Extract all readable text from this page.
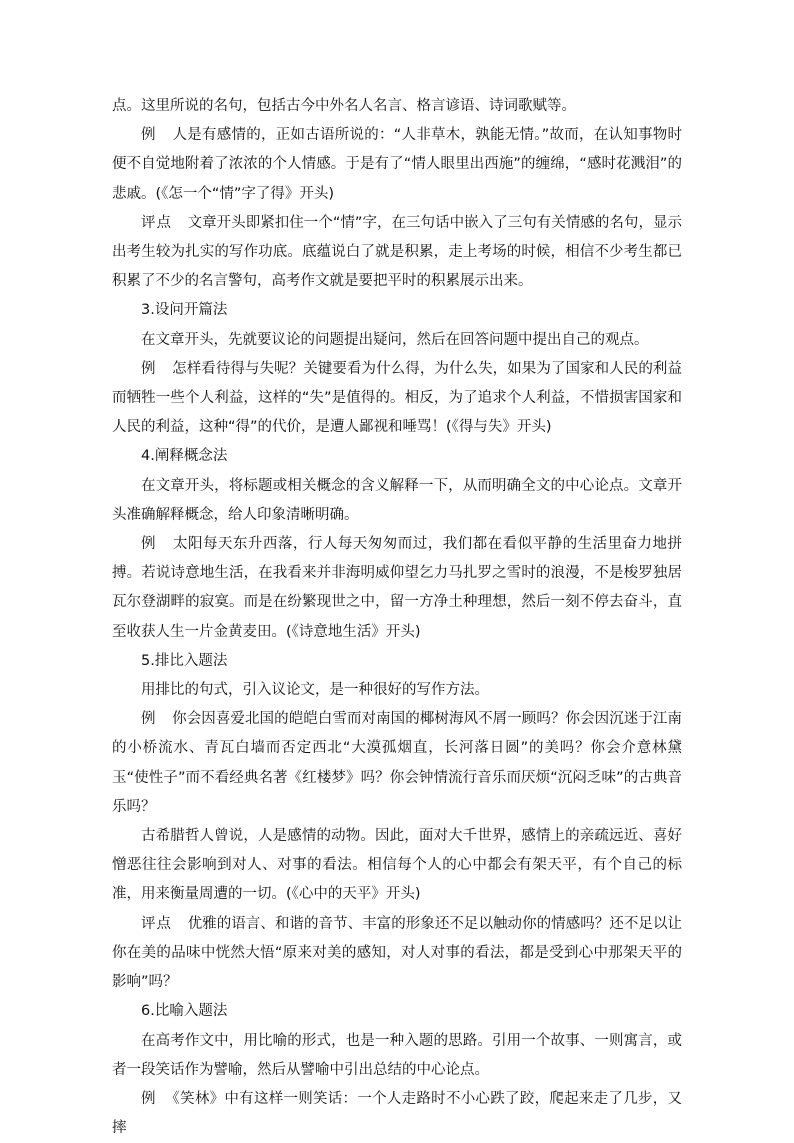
点。这里所说的名句，包括古今中外名人名言、格言谚语、诗词歌赋等。

例　人是有感情的，正如古语所说的：“人非草木，孰能无情。”故而，在认知事物时便不自觉地附着了浓浓的个人情感。于是有了“情人眼里出西施”的缠绵，“感时花溅泪”的悲戚。(《怎一个“情”字了得》开头)

评点　文章开头即紧扣住一个“情”字，在三句话中嵌入了三句有关情感的名句，显示出考生较为扎实的写作功底。底蕴说白了就是积累，走上考场的时候，相信不少考生都已积累了不少的名言警句，高考作文就是要把平时的积累展示出来。

3.设问开篇法

在文章开头，先就要议论的问题提出疑问，然后在回答问题中提出自己的观点。

例　怎样看待得与失呢？关键要看为什么得，为什么失，如果为了国家和人民的利益而牺牲一些个人利益，这样的“失”是值得的。相反，为了追求个人利益，不惜损害国家和人民的利益，这种“得”的代价，是遭人鄙视和唾骂！(《得与失》开头)

4.阐释概念法

在文章开头，将标题或相关概念的含义解释一下，从而明确全文的中心论点。文章开头准确解释概念，给人印象清晰明确。

例　太阳每天东升西落，行人每天匆匆而过，我们都在看似平静的生活里奋力地拼搏。若说诗意地生活，在我看来并非海明威仰望乞力马扎罗之雪时的浪漫，不是梭罗独居瓦尔登湖畔的寂寞。而是在纷繁现世之中，留一方净土种理想，然后一刻不停去奋斗，直至收获人生一片金黄麦田。(《诗意地生活》开头)

5.排比入题法

用排比的句式，引入议论文，是一种很好的写作方法。

例　你会因喜爱北国的皑皑白雪而对南国的椰树海风不屑一顾吗？你会因沉迷于江南的小桥流水、青瓦白墙而否定西北“大漠孤烟直，长河落日圆”的美吗？你会介意林黛玉“使性子”而不看经典名著《红楼梦》吗？你会钟情流行音乐而厌烦“沉闷乏味”的古典音乐吗？

古希腊哲人曾说，人是感情的动物。因此，面对大千世界，感情上的亲疏远近、喜好憎恶往往会影响到对人、对事的看法。相信每个人的心中都会有架天平，有个自己的标准，用来衡量周遭的一切。(《心中的天平》开头)

评点　优雅的语言、和谐的音节、丰富的形象还不足以触动你的情感吗？还不足以让你在美的品味中恍然大悟“原来对美的感知，对人对事的看法，都是受到心中那架天平的影响”吗？

6.比喻入题法

在高考作文中，用比喻的形式，也是一种入题的思路。引用一个故事、一则寓言，或者一段笑话作为譬喻，然后从譬喻中引出总结的中心论点。

例　《笑林》中有这样一则笑话：一个人走路时不小心跌了跤，爬起来走了几步，又摔
